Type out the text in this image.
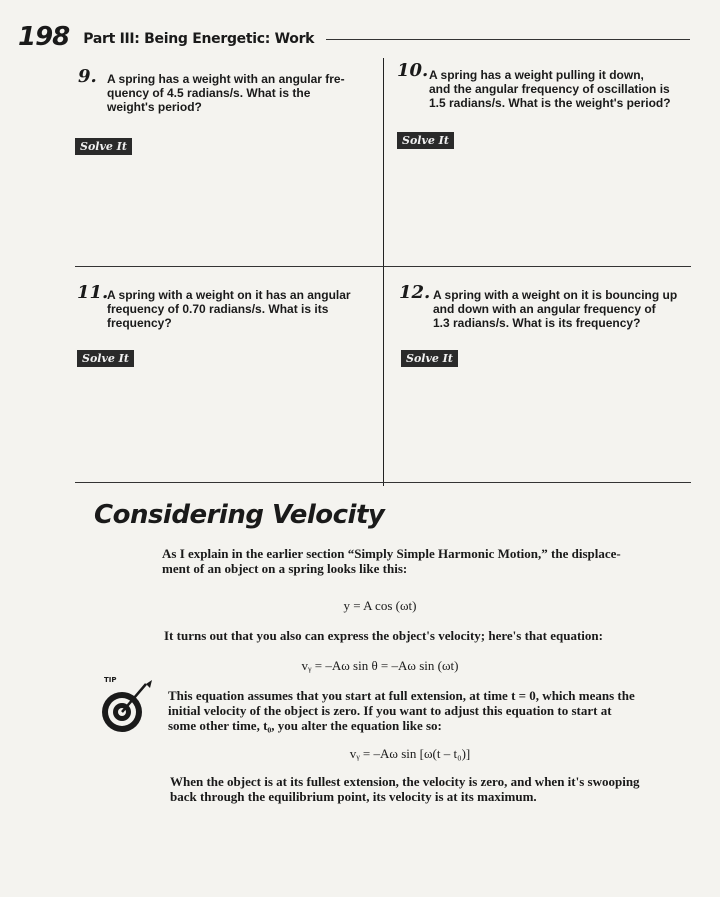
198 Part III: Being Energetic: Work
9. A spring has a weight with an angular fre-
quency of 4.5 radians/s. What is the
weight's period?
Solve It
10. A spring has a weight pulling it down,
and the angular frequency of oscillation is
1.5 radians/s. What is the weight's period?
Solve It
11.
A spring with a weight on it has an angular
frequency of 0.70 radians/s. What is its
frequency?
Solve It
12. A spring with a weight on it is bouncing up
and down with an angular frequency of
1.3 radians/s. What is its frequency?
Solve It
Considering Velocity
As I explain in the earlier section “Simply Simple Harmonic Motion,” the displace-
ment of an object on a spring looks like this:
y = A cos (ωt)
It turns out that you also can express the object's velocity; here's that equation:
vᵧ = –Aω sin θ = –Aω sin (ωt)
TIP
This equation assumes that you start at full extension, at time t = 0, which means the
initial velocity of the object is zero. If you want to adjust this equation to start at
some other time, t₀, you alter the equation like so:
vᵧ = –Aω sin [ω(t – t₀)]
When the object is at its fullest extension, the velocity is zero, and when it's swooping
back through the equilibrium point, its velocity is at its maximum.
